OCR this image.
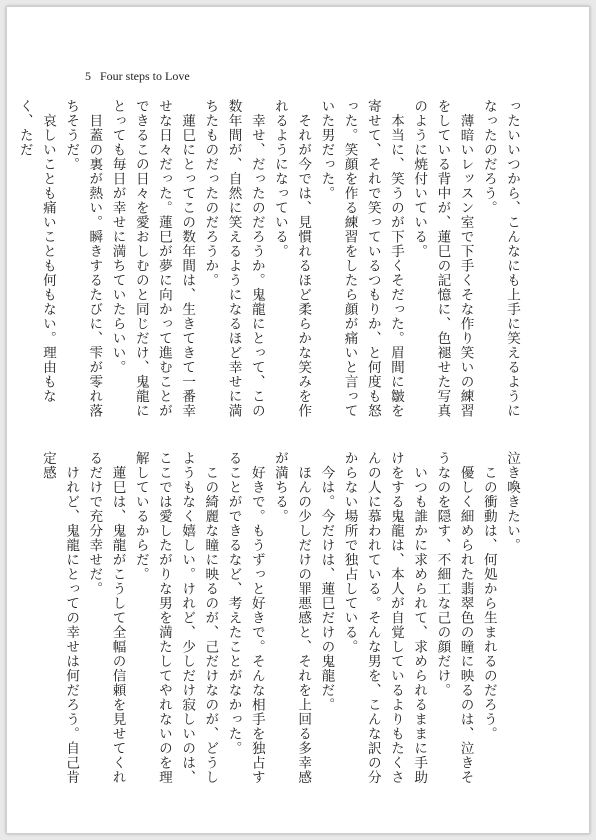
5 Four steps to Love

ったいいつから、こんなにも上手に笑えるようになったのだろう。

　薄暗いレッスン室で下手くそな作り笑いの練習をしている背中が、蓮巳の記憶に、色褪せた写真のように焼付いている。

　本当に、笑うのが下手くそだった。眉間に皺を寄せて、それで笑っているつもりか、と何度も怒った。笑顔を作る練習をしたら顔が痛いと言っていた男だった。

　それが今では、見慣れるほど柔らかな笑みを作れるようになっている。

　幸せ、だったのだろうか。鬼龍にとって、この数年間が、自然に笑えるようになるほど幸せに満ちたものだったのだろうか。

　蓮巳にとってこの数年間は、生きてきて一番幸せな日々だった。蓮巳が夢に向かって進むことができるこの日々を愛おしむのと同じだけ、鬼龍にとっても毎日が幸せに満ちていたらいい。

　目蓋の裏が熱い。瞬きするたびに、雫が零れ落ちそうだ。

　哀しいことも痛いことも何もない。理由もなく、ただ

泣き喚きたい。

　この衝動は、何処から生まれるのだろう。

　優しく細められた翡翠色の瞳に映るのは、泣きそうなのを隠す、不細工な己の顔だけ。

　いつも誰かに求められて、求められるままに手助けをする鬼龍は、本人が自覚しているよりもたくさんの人に慕われている。そんな男を、こんな訳の分からない場所で独占している。

　今は。今だけは、蓮巳だけの鬼龍だ。

　ほんの少しだけの罪悪感と、それを上回る多幸感が満ちる。

　好きで。もうずっと好きで。そんな相手を独占することができるなど、考えたことがなかった。

　この綺麗な瞳に映るのが、己だけなのが、どうしようもなく嬉しい。けれど、少しだけ寂しいのは、ここでは愛したがりな男を満たしてやれないのを理解しているからだ。

　蓮巳は、鬼龍がこうして全幅の信頼を見せてくれるだけで充分幸せだ。

　けれど、鬼龍にとっての幸せは何だろう。自己肯定感
